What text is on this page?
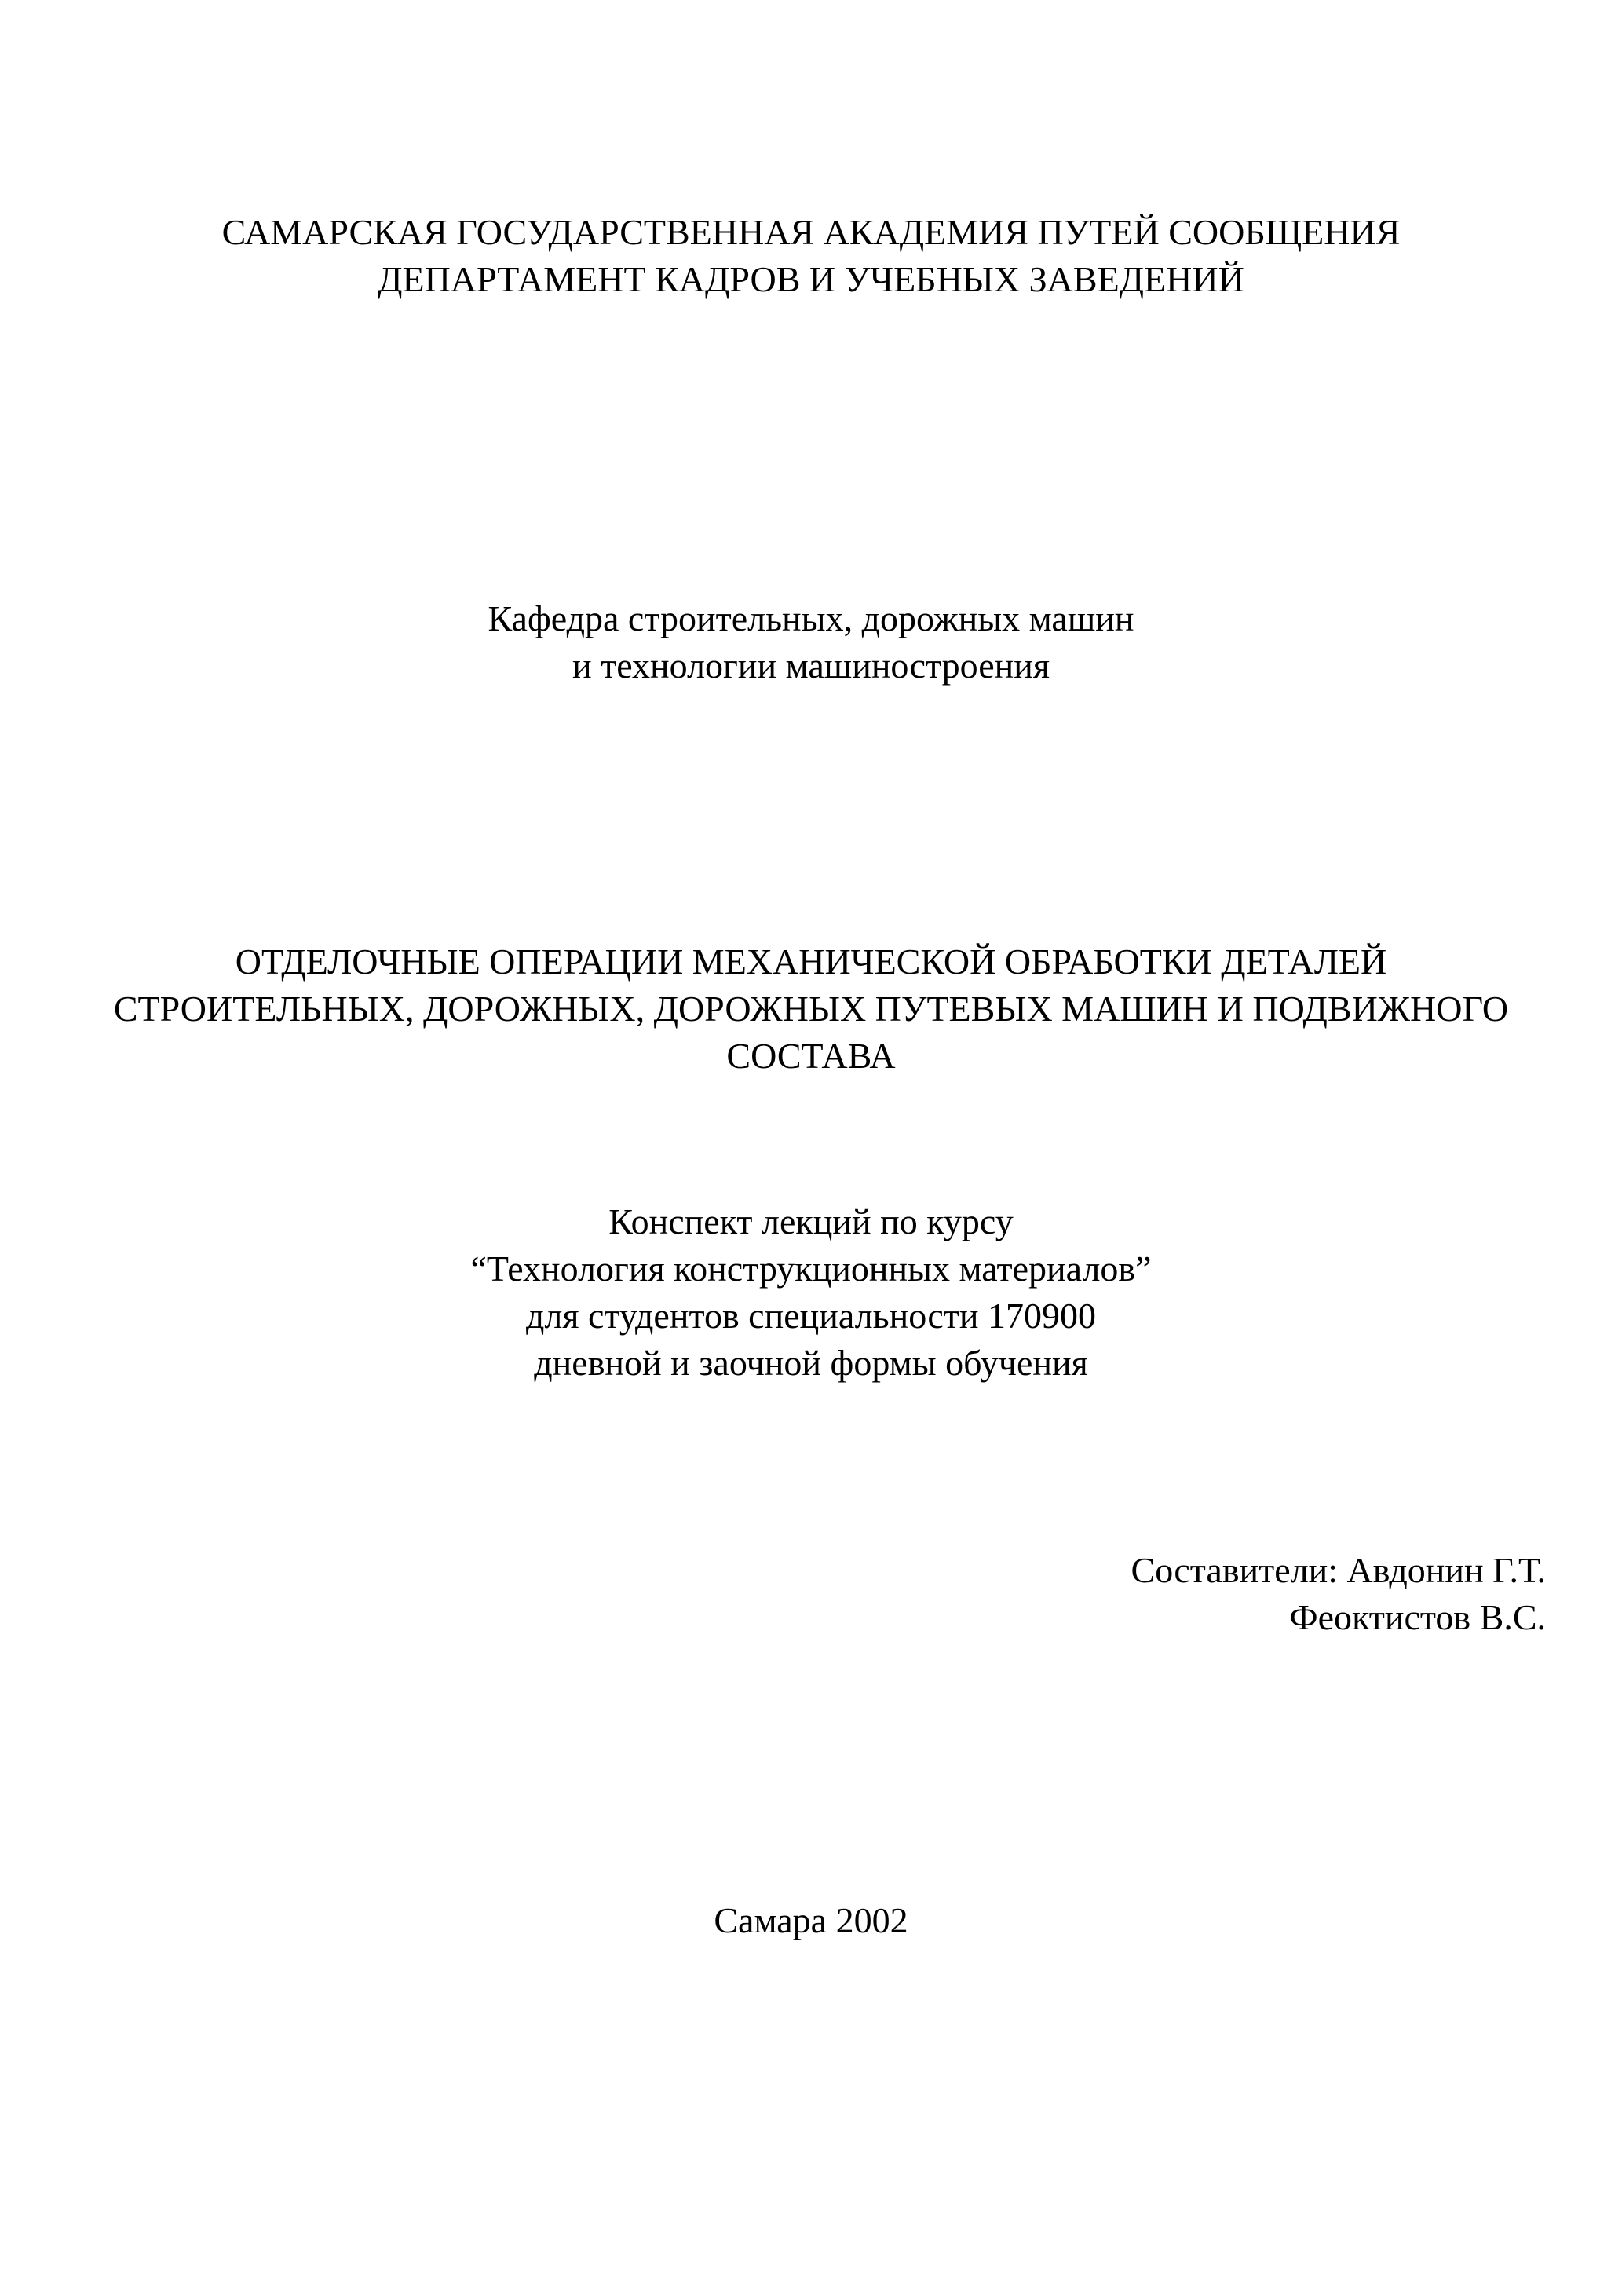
САМАРСКАЯ ГОСУДАРСТВЕННАЯ АКАДЕМИЯ ПУТЕЙ СООБЩЕНИЯ
ДЕПАРТАМЕНТ КАДРОВ И УЧЕБНЫХ ЗАВЕДЕНИЙ
Кафедра строительных, дорожных машин
и технологии машиностроения
ОТДЕЛОЧНЫЕ ОПЕРАЦИИ МЕХАНИЧЕСКОЙ ОБРАБОТКИ ДЕТАЛЕЙ
СТРОИТЕЛЬНЫХ, ДОРОЖНЫХ, ДОРОЖНЫХ ПУТЕВЫХ МАШИН И ПОДВИЖНОГО
СОСТАВА
Конспект лекций по курсу
“Технология конструкционных материалов”
для студентов специальности 170900
дневной и заочной формы обучения
Составители: Авдонин Г.Т.
Феоктистов В.С.
Самара 2002
